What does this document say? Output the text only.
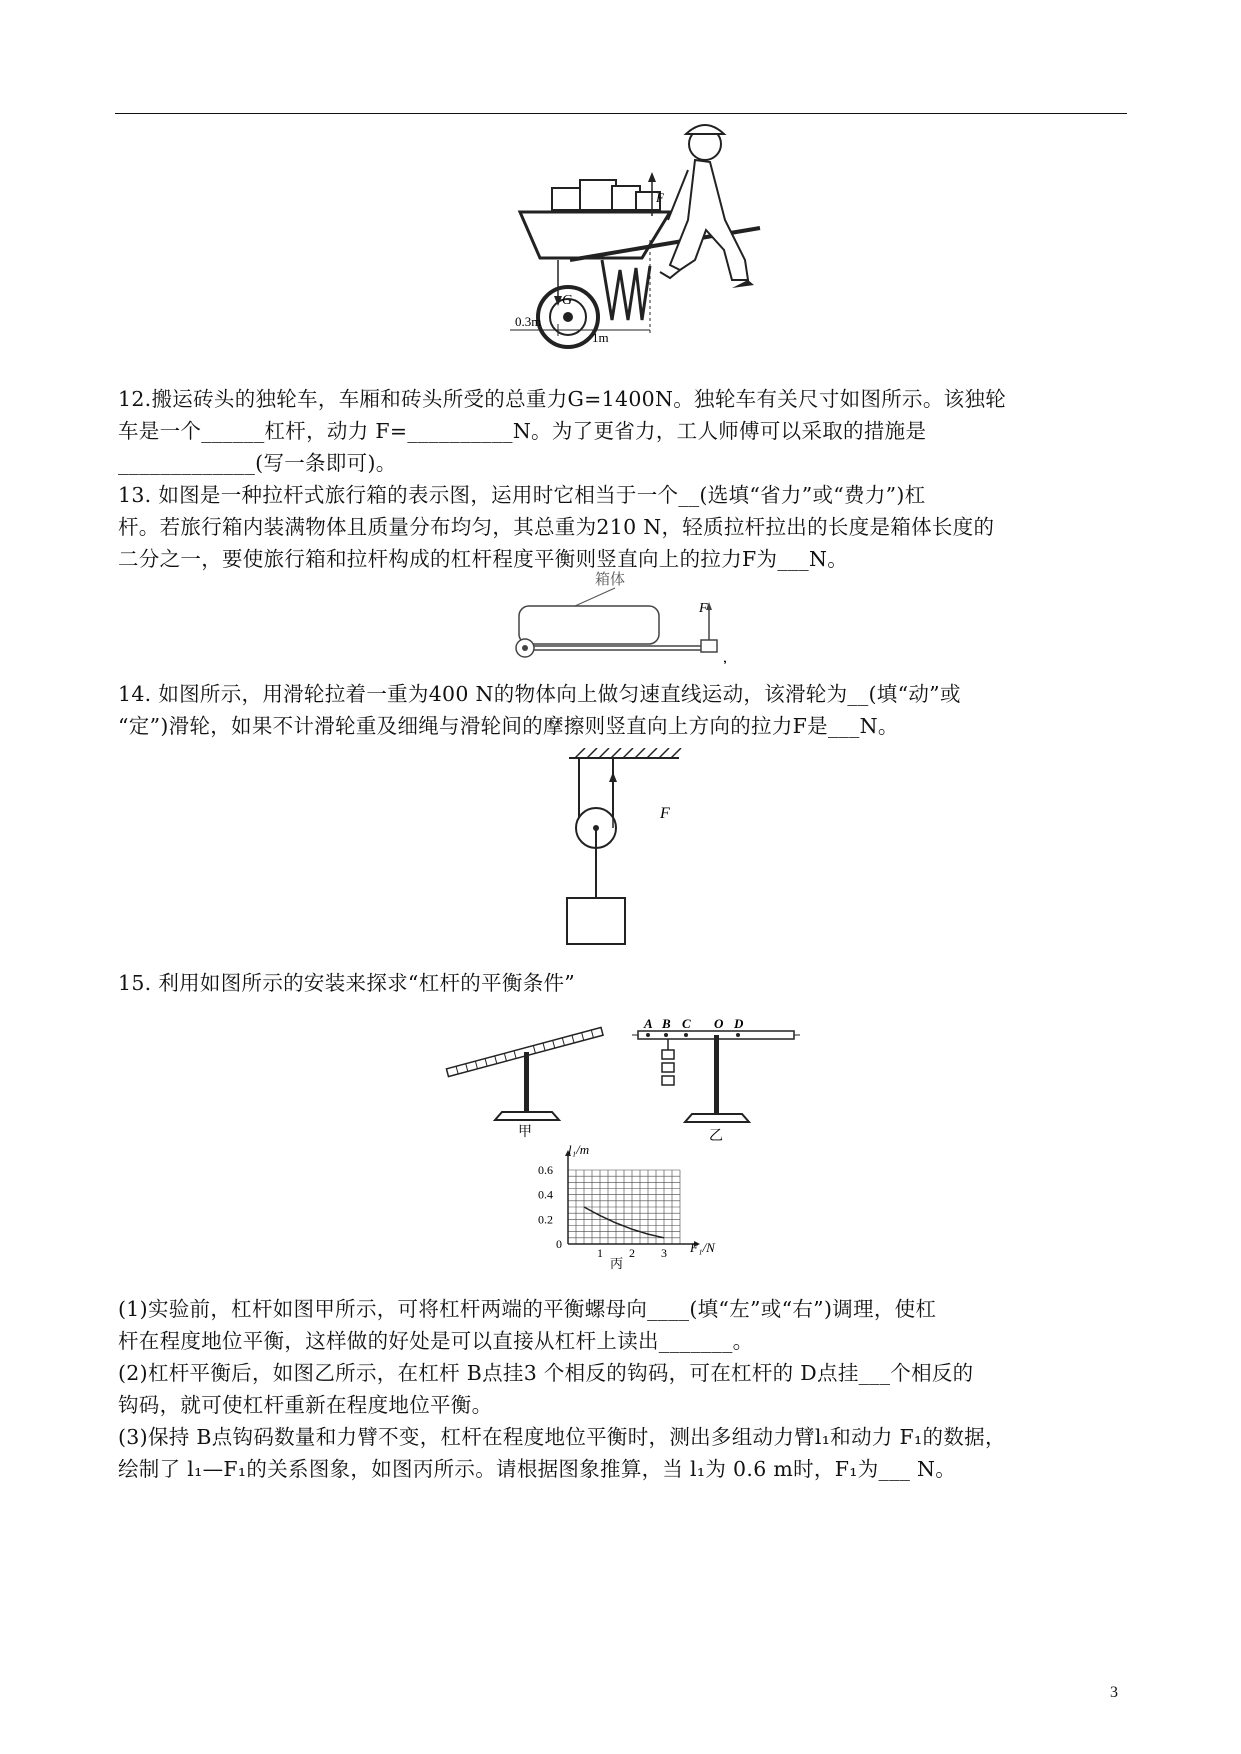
G
F
0.3m
1m
12.搬运砖头的独轮车，车厢和砖头所受的总重力G=1400N。独轮车有关尺寸如图所示。该独轮
车是一个______杠杆，动力 F=__________N。为了更省力，工人师傅可以采取的措施是
_____________(写一条即可)。
13. 如图是一种拉杆式旅行箱的表示图，运用时它相当于一个__(选填“省力”或“费力”)杠
杆。若旅行箱内装满物体且质量分布均匀，其总重为210 N，轻质拉杆拉出的长度是箱体长度的
二分之一，要使旅行箱和拉杆构成的杠杆程度平衡则竖直向上的拉力F为___N。
箱体
F
,
14. 如图所示，用滑轮拉着一重为400 N的物体向上做匀速直线运动，该滑轮为__(填“动”或
“定”)滑轮，如果不计滑轮重及细绳与滑轮间的摩擦则竖直向上方向的拉力F是___N。
F
15. 利用如图所示的安装来探求“杠杆的平衡条件”
甲
A B C O D
乙
0.6
0.4
0.2
0
1 2 3
l₁/m
F₁/N
丙
(1)实验前，杠杆如图甲所示，可将杠杆两端的平衡螺母向____(填“左”或“右”)调理，使杠
杆在程度地位平衡，这样做的好处是可以直接从杠杆上读出_______。
(2)杠杆平衡后，如图乙所示，在杠杆 B点挂3 个相反的钩码，可在杠杆的 D点挂___个相反的
钩码，就可使杠杆重新在程度地位平衡。
(3)保持 B点钩码数量和力臂不变，杠杆在程度地位平衡时，测出多组动力臂l₁和动力 F₁的数据，
绘制了 l₁—F₁的关系图象，如图丙所示。请根据图象推算，当 l₁为 0.6 m时，F₁为___ N。
3
